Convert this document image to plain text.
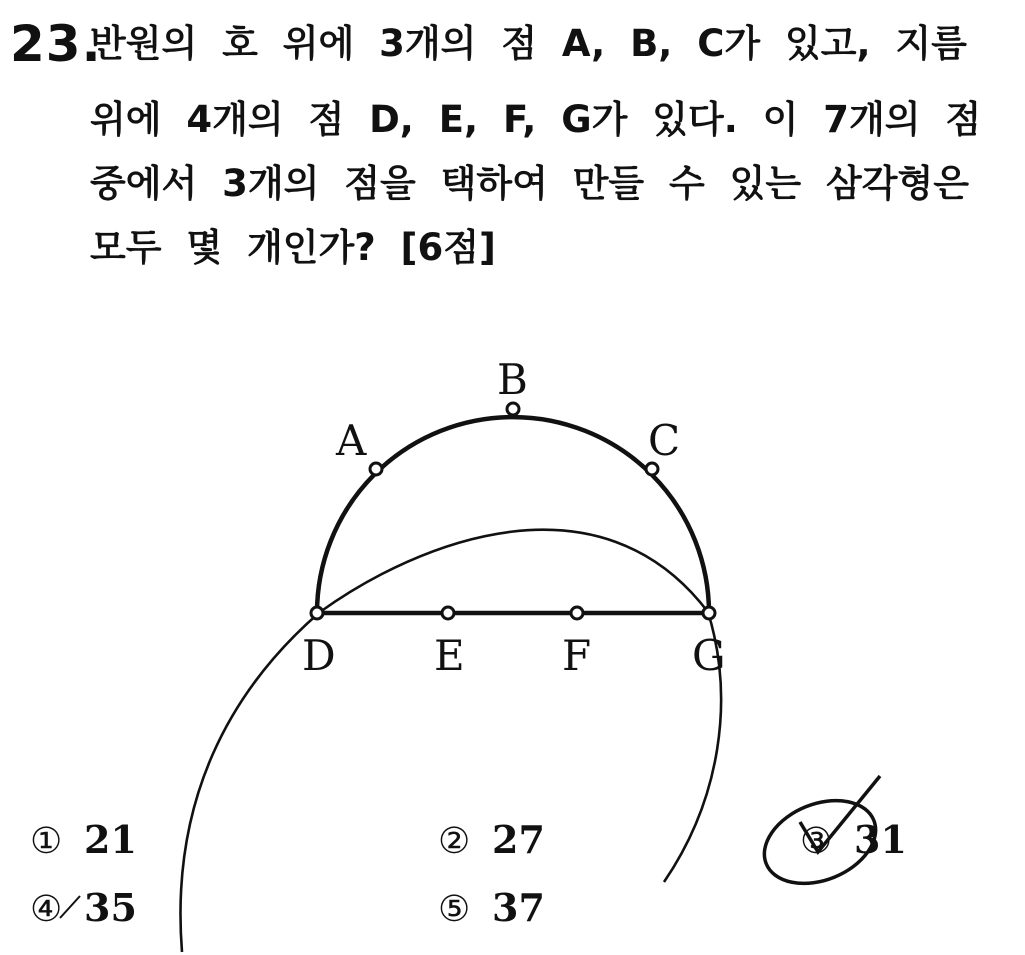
23.
반원의 호 위에 3개의 점 A, B, C가 있고, 지름
위에 4개의 점 D, E, F, G가 있다. 이 7개의 점
중에서 3개의 점을 택하여 만들 수 있는 삼각형은
모두 몇 개인가? [6점]
A
B
C
D E F G
① 21	② 27	③ 31
④ 35	⑤ 37
